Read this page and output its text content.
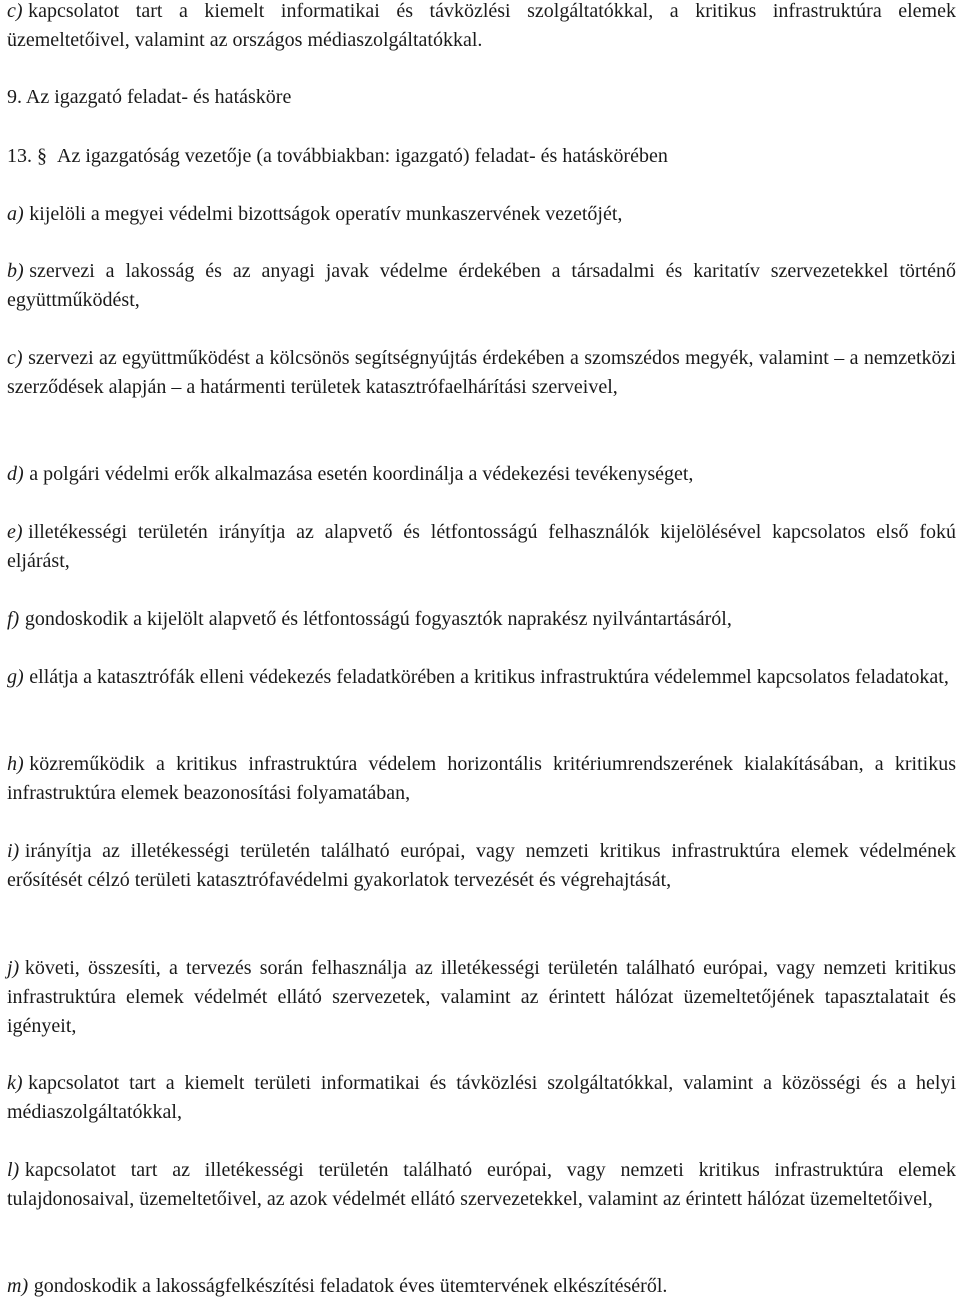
c) kapcsolatot tart a kiemelt informatikai és távközlési szolgáltatókkal, a kritikus infrastruktúra elemek üzemeltetőivel, valamint az országos médiaszolgáltatókkal.

9. Az igazgató feladat- és hatásköre

13. § Az igazgatóság vezetője (a továbbiakban: igazgató) feladat- és hatáskörében

a) kijelöli a megyei védelmi bizottságok operatív munkaszervének vezetőjét,

b) szervezi a lakosság és az anyagi javak védelme érdekében a társadalmi és karitatív szervezetekkel történő együttműködést,

c) szervezi az együttműködést a kölcsönös segítségnyújtás érdekében a szomszédos megyék, valamint – a nemzetközi szerződések alapján – a határmenti területek katasztrófaelhárítási szerveivel,

d) a polgári védelmi erők alkalmazása esetén koordinálja a védekezési tevékenységet,

e) illetékességi területén irányítja az alapvető és létfontosságú felhasználók kijelölésével kapcsolatos első fokú eljárást,

f) gondoskodik a kijelölt alapvető és létfontosságú fogyasztók naprakész nyilvántartásáról,

g) ellátja a katasztrófák elleni védekezés feladatkörében a kritikus infrastruktúra védelemmel kapcsolatos feladatokat,

h) közreműködik a kritikus infrastruktúra védelem horizontális kritériumrendszerének kialakításában, a kritikus infrastruktúra elemek beazonosítási folyamatában,

i) irányítja az illetékességi területén található európai, vagy nemzeti kritikus infrastruktúra elemek védelmének erősítését célzó területi katasztrófavédelmi gyakorlatok tervezését és végrehajtását,

j) követi, összesíti, a tervezés során felhasználja az illetékességi területén található európai, vagy nemzeti kritikus infrastruktúra elemek védelmét ellátó szervezetek, valamint az érintett hálózat üzemeltetőjének tapasztalatait és igényeit,

k) kapcsolatot tart a kiemelt területi informatikai és távközlési szolgáltatókkal, valamint a közösségi és a helyi médiaszolgáltatókkal,

l) kapcsolatot tart az illetékességi területén található európai, vagy nemzeti kritikus infrastruktúra elemek tulajdonosaival, üzemeltetőivel, az azok védelmét ellátó szervezetekkel, valamint az érintett hálózat üzemeltetőivel,

m) gondoskodik a lakosságfelkészítési feladatok éves ütemtervének elkészítéséről.
